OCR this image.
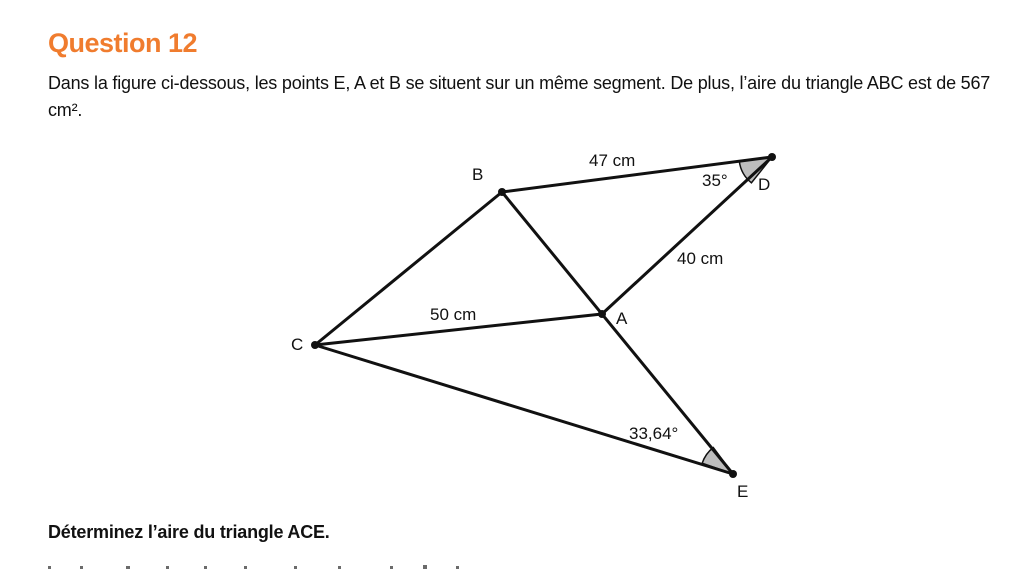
Question 12

Dans la figure ci-dessous, les points E, A et B se situent sur un même segment. De plus, l’aire du triangle ABC est de 567 cm².

B
D
A
C
E
47 cm
40 cm
50 cm
35°
33,64°

Déterminez l’aire du triangle ACE.
